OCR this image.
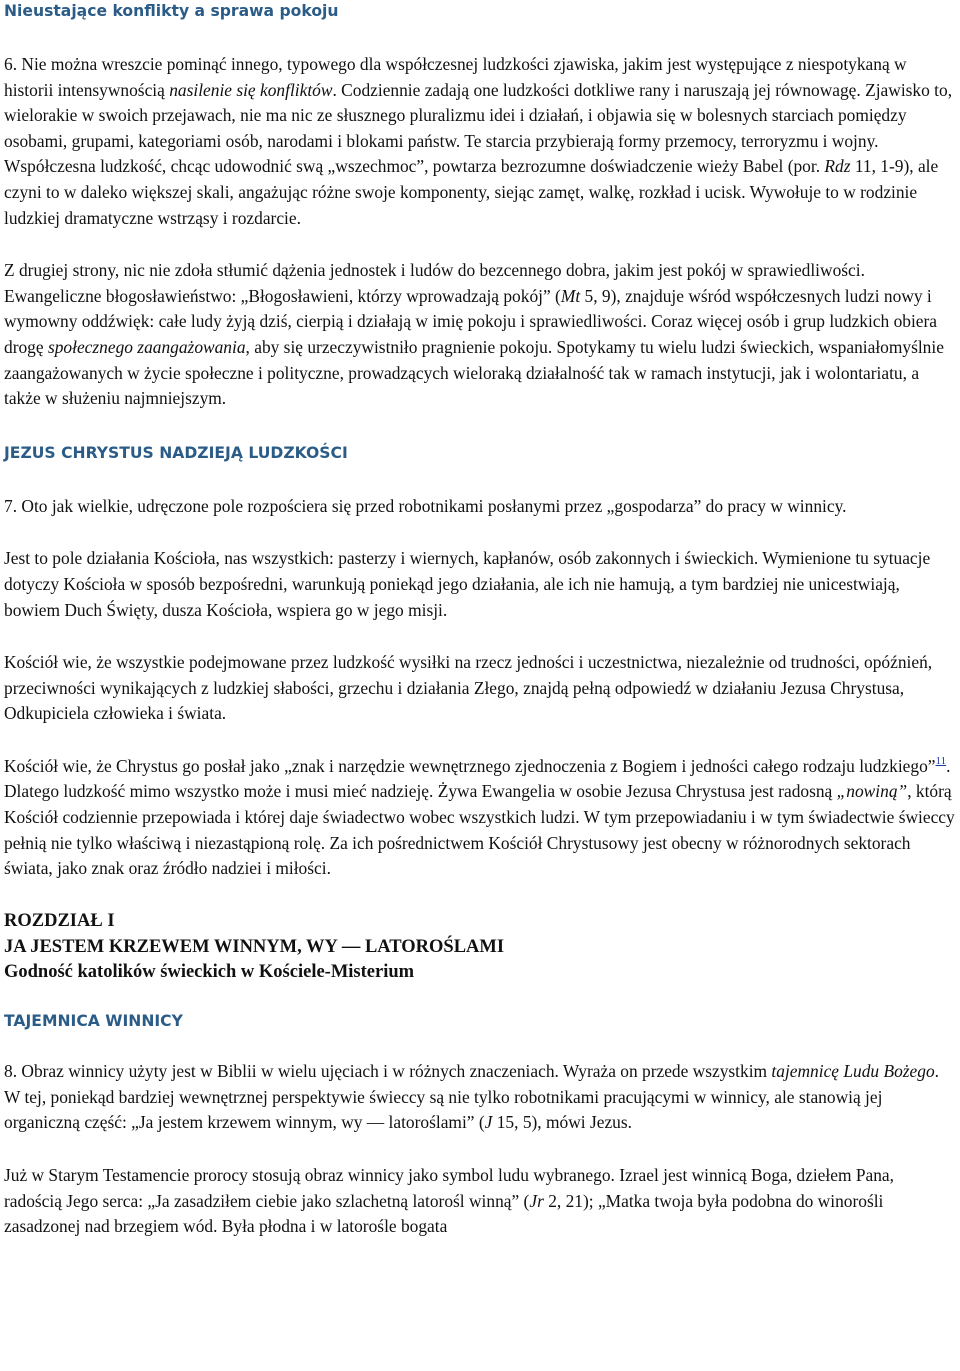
Nieustające konflikty a sprawa pokoju

6. Nie można wreszcie pominąć innego, typowego dla współczesnej ludzkości zjawiska, jakim jest występujące z niespotykaną w historii intensywnością nasilenie się konfliktów. Codziennie zadają one ludzkości dotkliwe rany i naruszają jej równowagę. Zjawisko to, wielorakie w swoich przejawach, nie ma nic ze słusznego pluralizmu idei i działań, i objawia się w bolesnych starciach pomiędzy osobami, grupami, kategoriami osób, narodami i blokami państw. Te starcia przybierają formy przemocy, terroryzmu i wojny. Współczesna ludzkość, chcąc udowodnić swą „wszechmoc”, powtarza bezrozumne doświadczenie wieży Babel (por. Rdz 11, 1-9), ale czyni to w daleko większej skali, angażując różne swoje komponenty, siejąc zamęt, walkę, rozkład i ucisk. Wywołuje to w rodzinie ludzkiej dramatyczne wstrząsy i rozdarcie.

Z drugiej strony, nic nie zdoła stłumić dążenia jednostek i ludów do bezcennego dobra, jakim jest pokój w sprawiedliwości. Ewangeliczne błogosławieństwo: „Błogosławieni, którzy wprowadzają pokój” (Mt 5, 9), znajduje wśród współczesnych ludzi nowy i wymowny oddźwięk: całe ludy żyją dziś, cierpią i działają w imię pokoju i sprawiedliwości. Coraz więcej osób i grup ludzkich obiera drogę społecznego zaangażowania, aby się urzeczywistniło pragnienie pokoju. Spotykamy tu wielu ludzi świeckich, wspaniałomyślnie zaangażowanych w życie społeczne i polityczne, prowadzących wieloraką działalność tak w ramach instytucji, jak i wolontariatu, a także w służeniu najmniejszym.

JEZUS CHRYSTUS NADZIEJĄ LUDZKOŚCI

7. Oto jak wielkie, udręczone pole rozpościera się przed robotnikami posłanymi przez „gospodarza” do pracy w winnicy.

Jest to pole działania Kościoła, nas wszystkich: pasterzy i wiernych, kapłanów, osób zakonnych i świeckich. Wymienione tu sytuacje dotyczy Kościoła w sposób bezpośredni, warunkują poniekąd jego działania, ale ich nie hamują, a tym bardziej nie unicestwiają, bowiem Duch Święty, dusza Kościoła, wspiera go w jego misji.

Kościół wie, że wszystkie podejmowane przez ludzkość wysiłki na rzecz jedności i uczestnictwa, niezależnie od trudności, opóźnień, przeciwności wynikających z ludzkiej słabości, grzechu i działania Złego, znajdą pełną odpowiedź w działaniu Jezusa Chrystusa, Odkupiciela człowieka i świata.

Kościół wie, że Chrystus go posłał jako „znak i narzędzie wewnętrznego zjednoczenia z Bogiem i jedności całego rodzaju ludzkiego”$^{11}$. Dlatego ludzkość mimo wszystko może i musi mieć nadzieję. Żywa Ewangelia w osobie Jezusa Chrystusa jest radosną „nowiną”, którą Kościół codziennie przepowiada i której daje świadectwo wobec wszystkich ludzi. W tym przepowiadaniu i w tym świadectwie świeccy pełnią nie tylko właściwą i niezastąpioną rolę. Za ich pośrednictwem Kościół Chrystusowy jest obecny w różnorodnych sektorach świata, jako znak oraz źródło nadziei i miłości.

ROZDZIAŁ I
JA JESTEM KRZEWEM WINNYM, WY — LATOROŚLAMI
Godność katolików świeckich w Kościele-Misterium
TAJEMNICA WINNICY

8. Obraz winnicy użyty jest w Biblii w wielu ujęciach i w różnych znaczeniach. Wyraża on przede wszystkim tajemnicę Ludu Bożego. W tej, poniekąd bardziej wewnętrznej perspektywie świeccy są nie tylko robotnikami pracującymi w winnicy, ale stanowią jej organiczną część: „Ja jestem krzewem winnym, wy — latoroślami” (J 15, 5), mówi Jezus.

Już w Starym Testamencie prorocy stosują obraz winnicy jako symbol ludu wybranego. Izrael jest winnicą Boga, dziełem Pana, radością Jego serca: „Ja zasadziłem ciebie jako szlachetną latorośl winną” (Jr 2, 21); „Matka twoja była podobna do winorośli zasadzonej nad brzegiem wód. Była płodna i w latorośle bogata
